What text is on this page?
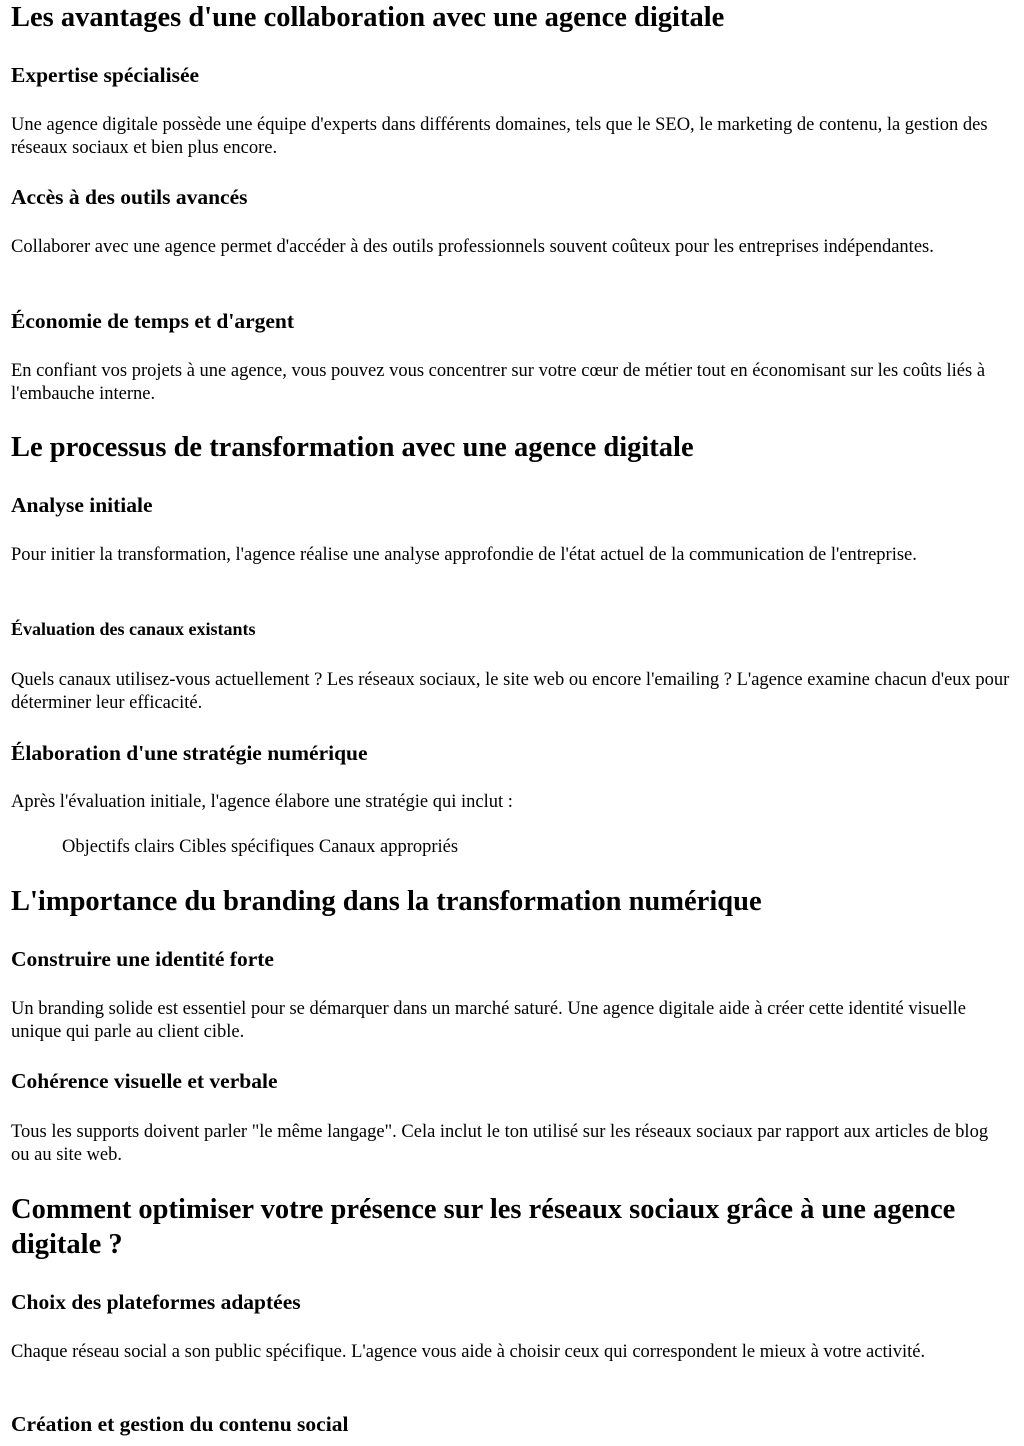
Les avantages d'une collaboration avec une agence digitale
Expertise spécialisée

Une agence digitale possède une équipe d'experts dans différents domaines, tels que le SEO, le marketing de contenu, la gestion des réseaux sociaux et bien plus encore.

Accès à des outils avancés

Collaborer avec une agence permet d'accéder à des outils professionnels souvent coûteux pour les entreprises indépendantes.

Économie de temps et d'argent

En confiant vos projets à une agence, vous pouvez vous concentrer sur votre cœur de métier tout en économisant sur les coûts liés à l'embauche interne.

Le processus de transformation avec une agence digitale
Analyse initiale

Pour initier la transformation, l'agence réalise une analyse approfondie de l'état actuel de la communication de l'entreprise.

Évaluation des canaux existants

Quels canaux utilisez-vous actuellement ? Les réseaux sociaux, le site web ou encore l'emailing ? L'agence examine chacun d'eux pour déterminer leur efficacité.

Élaboration d'une stratégie numérique

Après l'évaluation initiale, l'agence élabore une stratégie qui inclut :

Objectifs clairs Cibles spécifiques Canaux appropriés

L'importance du branding dans la transformation numérique
Construire une identité forte

Un branding solide est essentiel pour se démarquer dans un marché saturé. Une agence digitale aide à créer cette identité visuelle unique qui parle au client cible.

Cohérence visuelle et verbale

Tous les supports doivent parler "le même langage". Cela inclut le ton utilisé sur les réseaux sociaux par rapport aux articles de blog ou au site web.

Comment optimiser votre présence sur les réseaux sociaux grâce à une agence digitale ?
Choix des plateformes adaptées

Chaque réseau social a son public spécifique. L'agence vous aide à choisir ceux qui correspondent le mieux à votre activité.

Création et gestion du contenu social
